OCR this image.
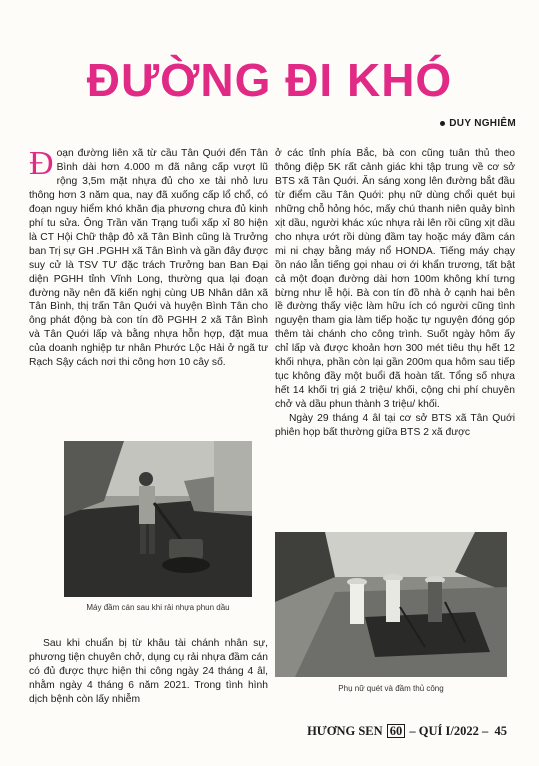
ĐƯỜNG ĐI KHÓ
DUY NGHIÊM

Đoạn đường liên xã từ cầu Tân Quới đến Tân Bình dài hơn 4.000 m đã nâng cấp vượt lũ rộng 3,5m mặt nhựa đủ cho xe tải nhỏ lưu thông hơn 3 năm qua, nay đã xuống cấp lổ chổ, có đoạn nguy hiểm khó khăn địa phương chưa đủ kinh phí tu sửa. Ông Trần văn Trạng tuổi xấp xỉ 80 hiện là CT Hội Chữ thập đỏ xã Tân Bình cũng là Trưởng ban Trị sự GH .PGHH xã Tân Bình và gần đây được suy cử là TSV TƯ đặc trách Trưởng ban Ban Đại diện PGHH tỉnh Vĩnh Long, thường qua lại đoạn đường nầy nên đã kiến nghị cùng UB Nhân dân xã Tân Bình, thị trấn Tân Quới và huyện Bình Tân cho ông phát động bà con tín đồ PGHH 2 xã Tân Bình và Tân Quới lấp và bằng nhựa hỗn hợp, đặt mua của doanh nghiệp tư nhân Phước Lộc Hải ở ngã tư Rạch Sậy cách nơi thi công hơn 10 cây số.

Máy đầm cán sau khi rải nhựa phun dầu

Sau khi chuẩn bị từ khâu tài chánh nhân sự, phương tiện chuyên chở, dụng cụ rải nhựa đầm cán có đủ được thực hiện thi công ngày 24 tháng 4 âl, nhằm ngày 4 tháng 6 năm 2021. Trong tình hình dịch bệnh còn lấy nhiễm

ở các tỉnh phía Bắc, bà con cũng tuân thủ theo thông điệp 5K rất cảnh giác khi tập trung về cơ sở BTS xã Tân Quới. Ăn sáng xong lên đường bắt đầu từ điểm cầu Tân Quới: phụ nữ dùng chổi quét bụi những chỗ hỏng hóc, mấy chú thanh niên quảy bình xịt dầu, người khác xúc nhựa rải lên rồi cũng xịt dầu cho nhựa ướt rồi dùng đầm tay hoặc máy đầm cán mi ni chạy bằng máy nổ HONDA. Tiếng máy chạy ồn náo lẫn tiếng gọi nhau ơi ới khẩn trương, tất bật cả một đoạn đường dài hơn 100m không khí tưng bừng như lễ hội. Bà con tín đồ nhà ở cạnh hai bên lề đường thấy việc làm hữu ích có người cũng tình nguyện tham gia làm tiếp hoặc tự nguyện đóng góp thêm tài chánh cho công trình. Suốt ngày hôm ấy chỉ lấp và được khoản hơn 300 mét tiêu thụ hết 12 khối nhựa, phần còn lại gần 200m qua hôm sau tiếp tục không đầy một buổi đã hoàn tất. Tổng số nhựa hết 14 khối trị giá 2 triệu/ khối, cộng chi phí chuyên chở và dầu phun thành 3 triệu/ khối.

Ngày 29 tháng 4 âl tại cơ sở BTS xã Tân Quới phiên họp bất thường giữa BTS 2 xã được

Phụ nữ quét và đầm thủ công
HƯƠNG SEN 60 – QUÍ I/2022 – 45
